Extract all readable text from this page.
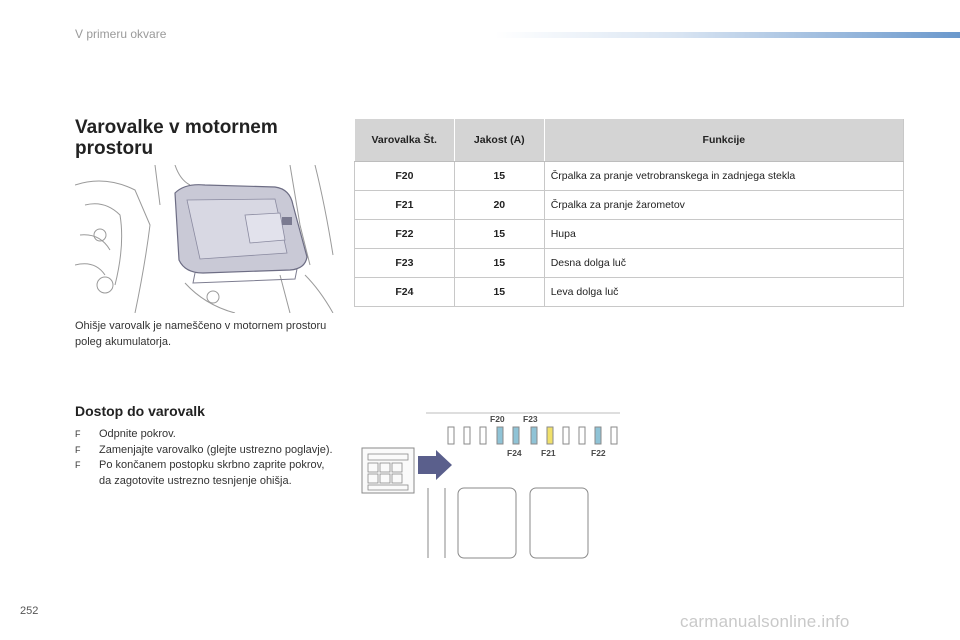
V primeru okvare
Varovalke v motornem prostoru
Ohišje varovalk je nameščeno v motornem prostoru poleg akumulatorja.
Dostop do varovalk
F Odpnite pokrov.
F Zamenjajte varovalko (glejte ustrezno poglavje).
F Po končanem postopku skrbno zaprite pokrov, da zagotovite ustrezno tesnjenje ohišja.
Varovalka Št.	Jakost (A)	Funkcije
F20	15	Črpalka za pranje vetrobranskega in zadnjega stekla
F21	20	Črpalka za pranje žarometov
F22	15	Hupa
F23	15	Desna dolga luč
F24	15	Leva dolga luč
F20 F23
F24 F21	F22
252
carmanualsonline.info
